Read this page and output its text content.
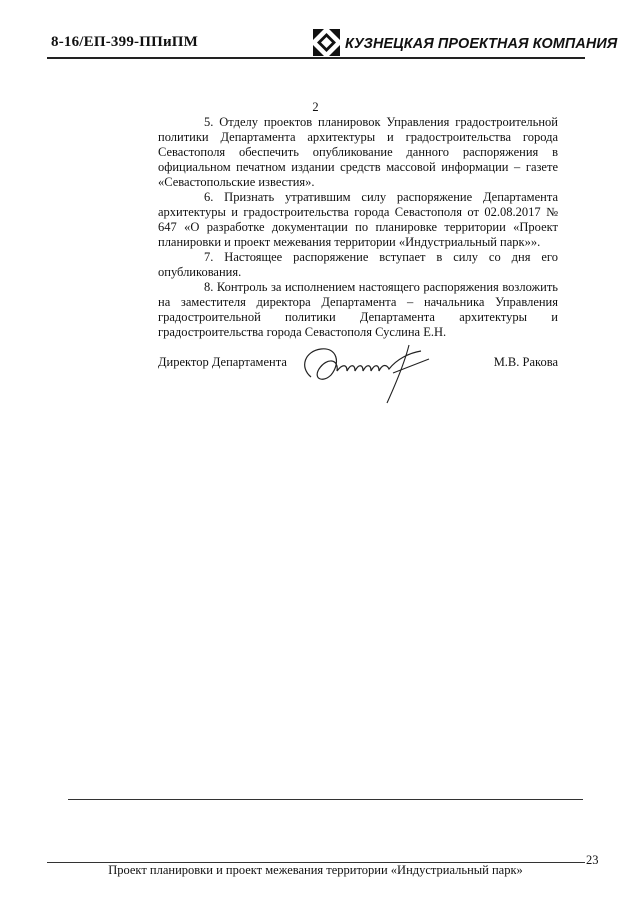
8-16/ЕП-399-ППиПМ	КУЗНЕЦКАЯ ПРОЕКТНАЯ КОМПАНИЯ
2

5. Отделу проектов планировок Управления градостроительной политики Департамента архитектуры и градостроительства города Севастополя обеспечить опубликование данного распоряжения в официальном печатном издании средств массовой информации – газете «Севастопольские известия».

6. Признать утратившим силу распоряжение Департамента архитектуры и градостроительства города Севастополя от 02.08.2017 № 647 «О разработке документации по планировке территории «Проект планировки и проект межевания территории «Индустриальный парк»».

7. Настоящее распоряжение вступает в силу со дня его опубликования.

8. Контроль за исполнением настоящего распоряжения возложить на заместителя директора Департамента – начальника Управления градостроительной политики Департамента архитектуры и градостроительства города Севастополя Суслина Е.Н.

Директор Департамента	М.В. Ракова
23
Проект планировки и проект межевания территории «Индустриальный парк»
